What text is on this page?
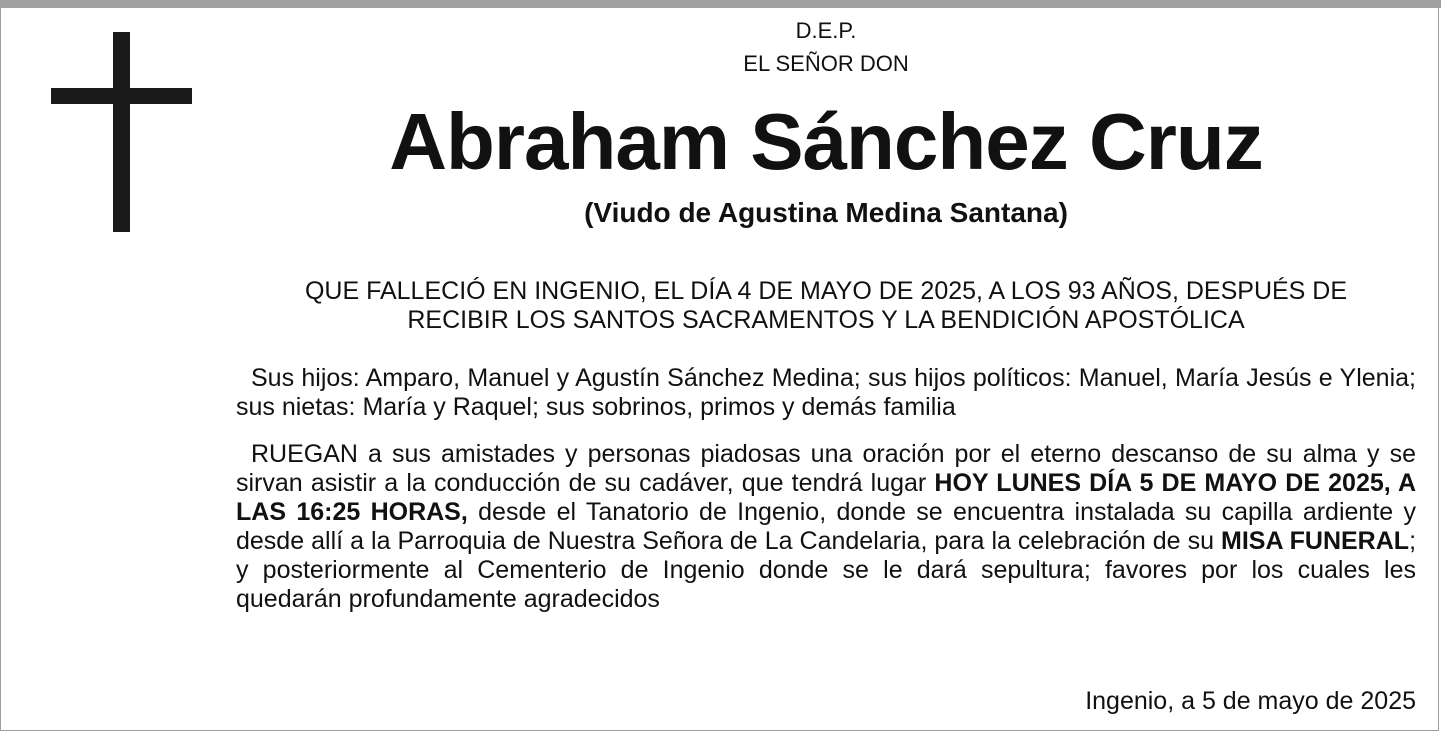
D.E.P.

EL SEÑOR DON

Abraham Sánchez Cruz

(Viudo de Agustina Medina Santana)

QUE FALLECIÓ EN INGENIO, EL DÍA 4 DE MAYO DE 2025, A LOS 93 AÑOS, DESPUÉS DE
RECIBIR LOS SANTOS SACRAMENTOS Y LA BENDICIÓN APOSTÓLICA

Sus hijos: Amparo, Manuel y Agustín Sánchez Medina; sus hijos políticos: Manuel, María Jesús e Ylenia; sus nietas: María y Raquel; sus sobrinos, primos y demás familia

RUEGAN a sus amistades y personas piadosas una oración por el eterno descanso de su alma y se sirvan asistir a la conducción de su cadáver, que tendrá lugar HOY LUNES DÍA 5 DE MAYO DE 2025, A LAS 16:25 HORAS, desde el Tanatorio de Ingenio, donde se encuentra instalada su capilla ardiente y desde allí a la Parroquia de Nuestra Señora de La Candelaria, para la celebración de su MISA FUNERAL; y posteriormente al Cementerio de Ingenio donde se le dará sepultura; favores por los cuales les quedarán profundamente agradecidos

Ingenio, a 5 de mayo de 2025
